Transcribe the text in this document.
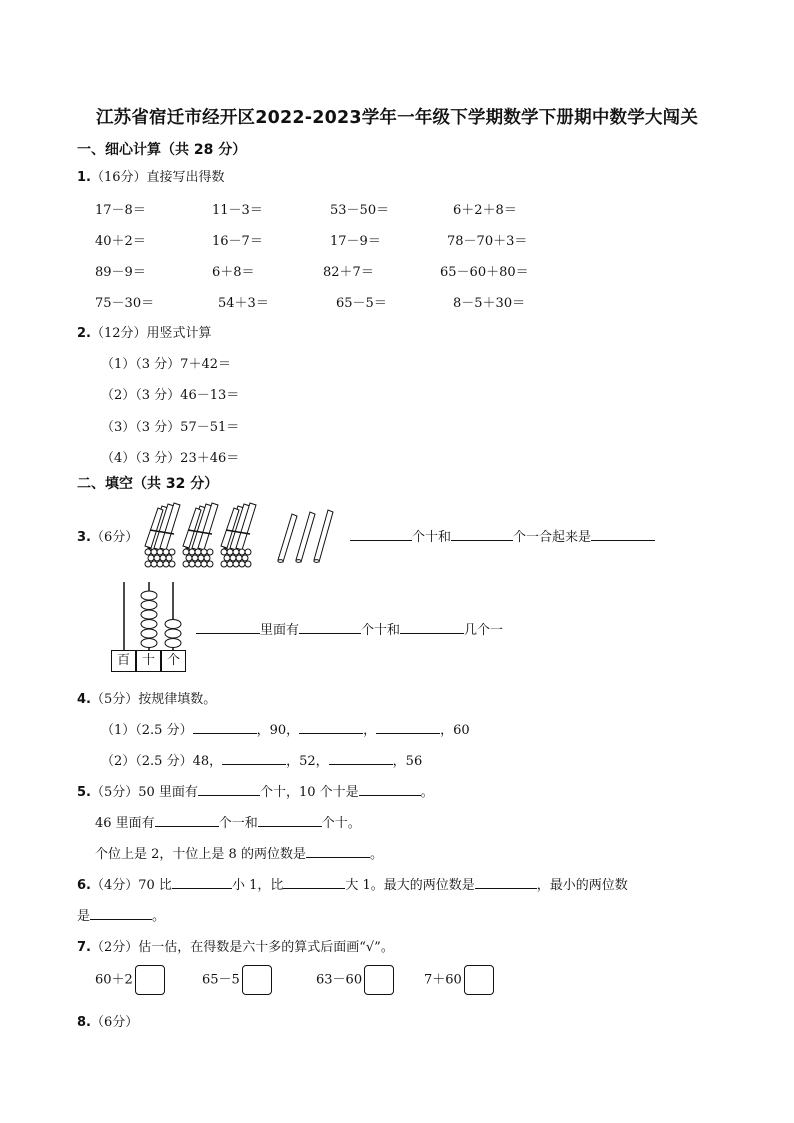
江苏省宿迁市经开区2022-2023学年一年级下学期数学下册期中数学大闯关
一、细心计算（共 28 分）
1.（16分）直接写出得数
17－8＝	11－3＝	53－50＝	6＋2＋8＝
40＋2＝	16－7＝	17－9＝	78－70＋3＝
89－9＝	6＋8＝	82＋7＝	65－60＋80＝
75－30＝	54＋3＝	65－5＝	8－5＋30＝
2.（12分）用竖式计算
（1）（3 分）7＋42＝
（2）（3 分）46－13＝
（3）（3 分）57－51＝
（4）（3 分）23＋46＝
二、填空（共 32 分）
3.（6分）	个十和	个一合起来是
百 十 个
里面有	个十和	几个一
4.（5分）按规律填数。
（1）（2.5 分）	，90，	，	，60
（2）（2.5 分）48，	，52，	，56
5.（5分）50 里面有	个十，10 个十是	。
46 里面有	个一和	个十。
个位上是 2，十位上是 8 的两位数是	。
6.（4分）70 比	小 1，比	大 1。最大的两位数是	，最小的两位数
是	。
7.（2分）估一估，在得数是六十多的算式后面画“√”。
60＋2	65－5	63－60	7＋60
8.（6分）
